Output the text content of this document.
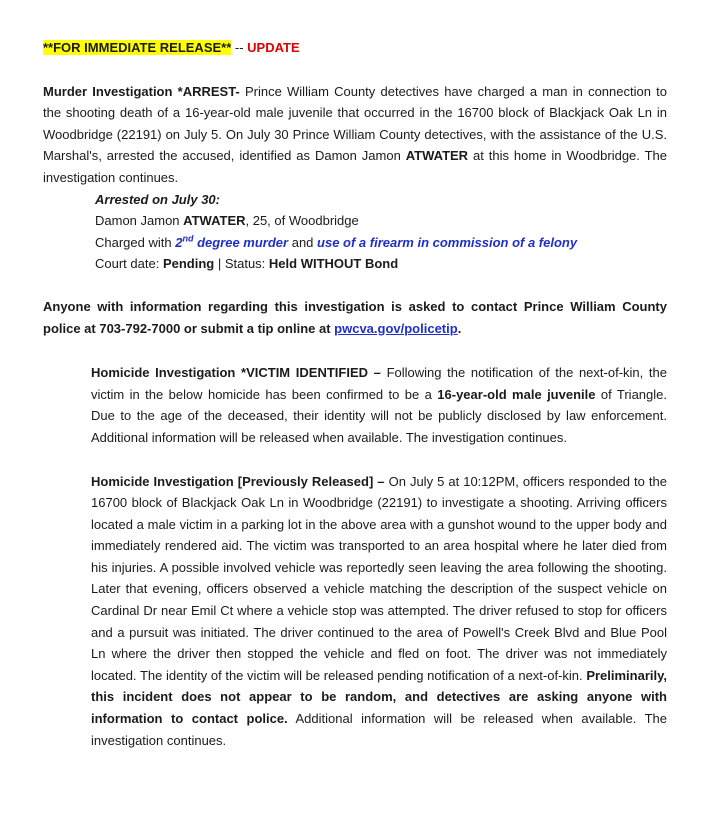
**FOR IMMEDIATE RELEASE** -- UPDATE

Murder Investigation *ARREST- Prince William County detectives have charged a man in connection to the shooting death of a 16-year-old male juvenile that occurred in the 16700 block of Blackjack Oak Ln in Woodbridge (22191) on July 5. On July 30 Prince William County detectives, with the assistance of the U.S. Marshal's, arrested the accused, identified as Damon Jamon ATWATER at this home in Woodbridge. The investigation continues.

Arrested on July 30:

Damon Jamon ATWATER, 25, of Woodbridge

Charged with 2nd degree murder and use of a firearm in commission of a felony

Court date: Pending | Status: Held WITHOUT Bond

Anyone with information regarding this investigation is asked to contact Prince William County police at 703-792-7000 or submit a tip online at pwcva.gov/policetip.

Homicide Investigation *VICTIM IDENTIFIED – Following the notification of the next-of-kin, the victim in the below homicide has been confirmed to be a 16-year-old male juvenile of Triangle. Due to the age of the deceased, their identity will not be publicly disclosed by law enforcement. Additional information will be released when available. The investigation continues.

Homicide Investigation [Previously Released] – On July 5 at 10:12PM, officers responded to the 16700 block of Blackjack Oak Ln in Woodbridge (22191) to investigate a shooting. Arriving officers located a male victim in a parking lot in the above area with a gunshot wound to the upper body and immediately rendered aid. The victim was transported to an area hospital where he later died from his injuries. A possible involved vehicle was reportedly seen leaving the area following the shooting. Later that evening, officers observed a vehicle matching the description of the suspect vehicle on Cardinal Dr near Emil Ct where a vehicle stop was attempted. The driver refused to stop for officers and a pursuit was initiated. The driver continued to the area of Powell's Creek Blvd and Blue Pool Ln where the driver then stopped the vehicle and fled on foot. The driver was not immediately located. The identity of the victim will be released pending notification of a next-of-kin. Preliminarily, this incident does not appear to be random, and detectives are asking anyone with information to contact police. Additional information will be released when available. The investigation continues.
